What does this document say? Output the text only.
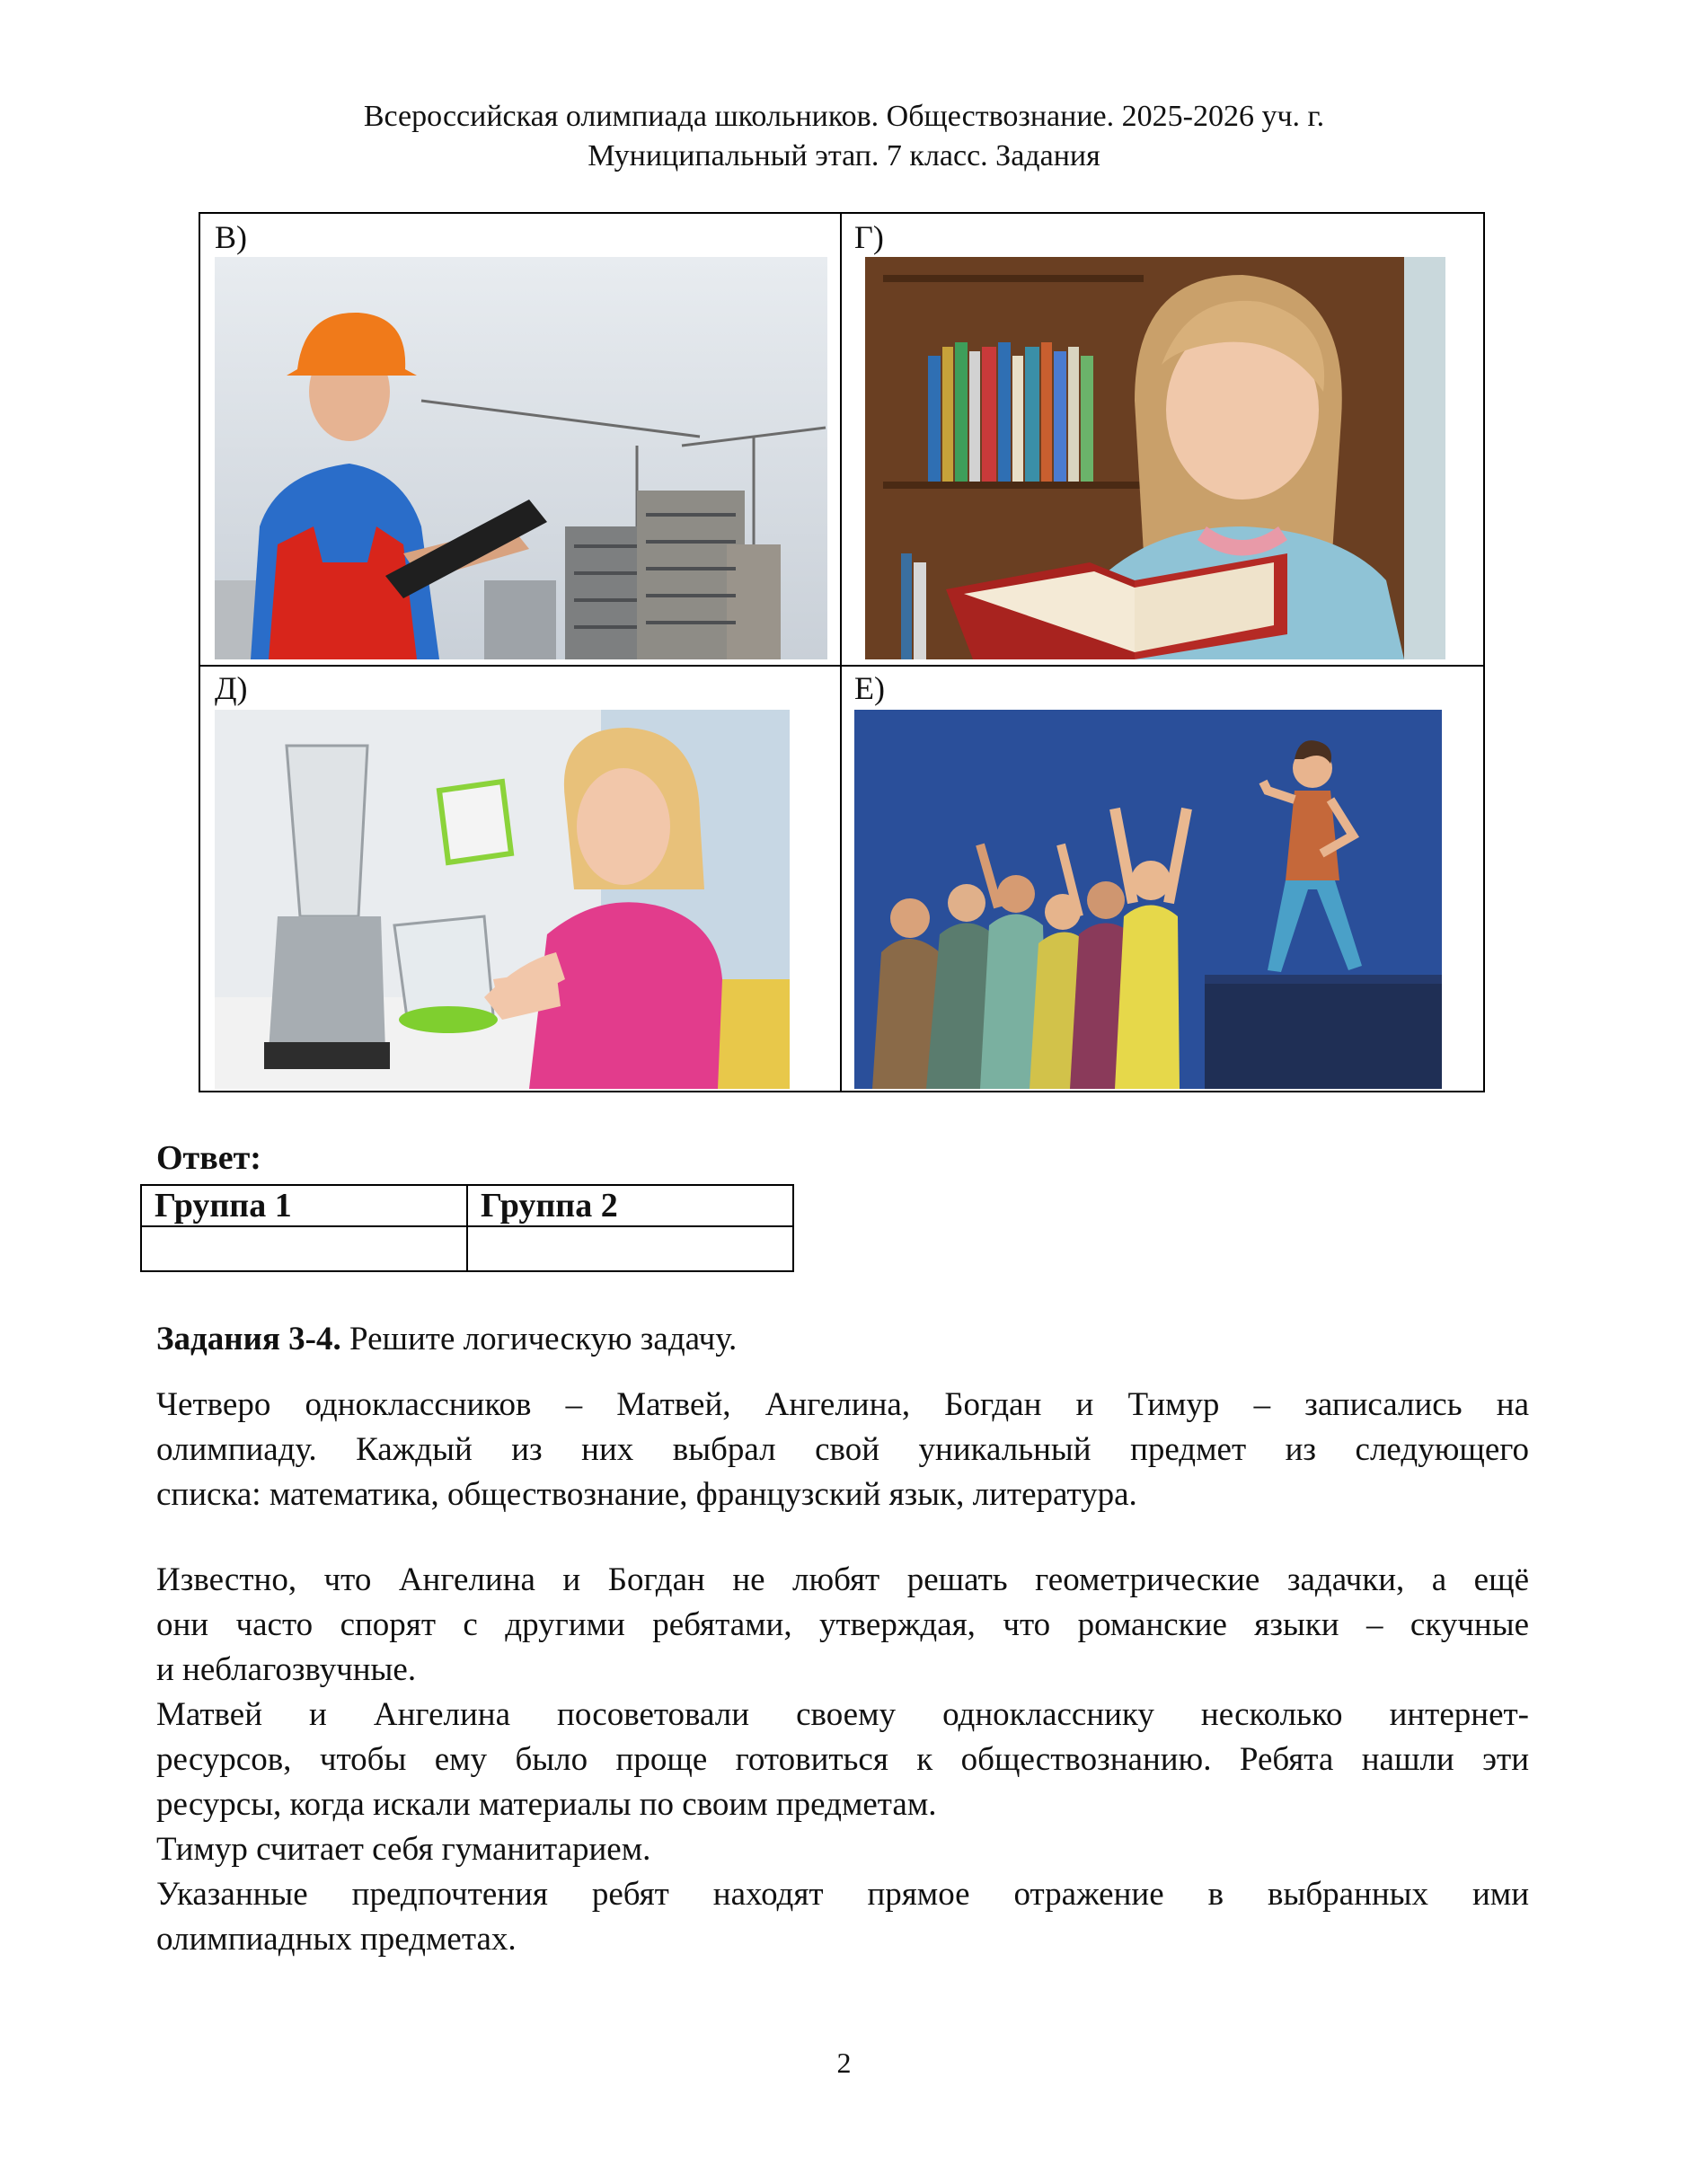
Всероссийская олимпиада школьников. Обществознание. 2025-2026 уч. г.
Муниципальный этап. 7 класс. Задания
В)	Г)
Д)	Е)
Ответ:
Группа 1	Группа 2

Задания 3-4. Решите логическую задачу.
Четверо одноклассников – Матвей, Ангелина, Богдан и Тимур – записались на
олимпиаду. Каждый из них выбрал свой уникальный предмет из следующего
списка: математика, обществознание, французский язык, литература.
Известно, что Ангелина и Богдан не любят решать геометрические задачки, а ещё
они часто спорят с другими ребятами, утверждая, что романские языки – скучные
и неблагозвучные.
Матвей и Ангелина посоветовали своему однокласснику несколько интернет-
ресурсов, чтобы ему было проще готовиться к обществознанию. Ребята нашли эти
ресурсы, когда искали материалы по своим предметам.
Тимур считает себя гуманитарием.
Указанные предпочтения ребят находят прямое отражение в выбранных ими
олимпиадных предметах.
2
